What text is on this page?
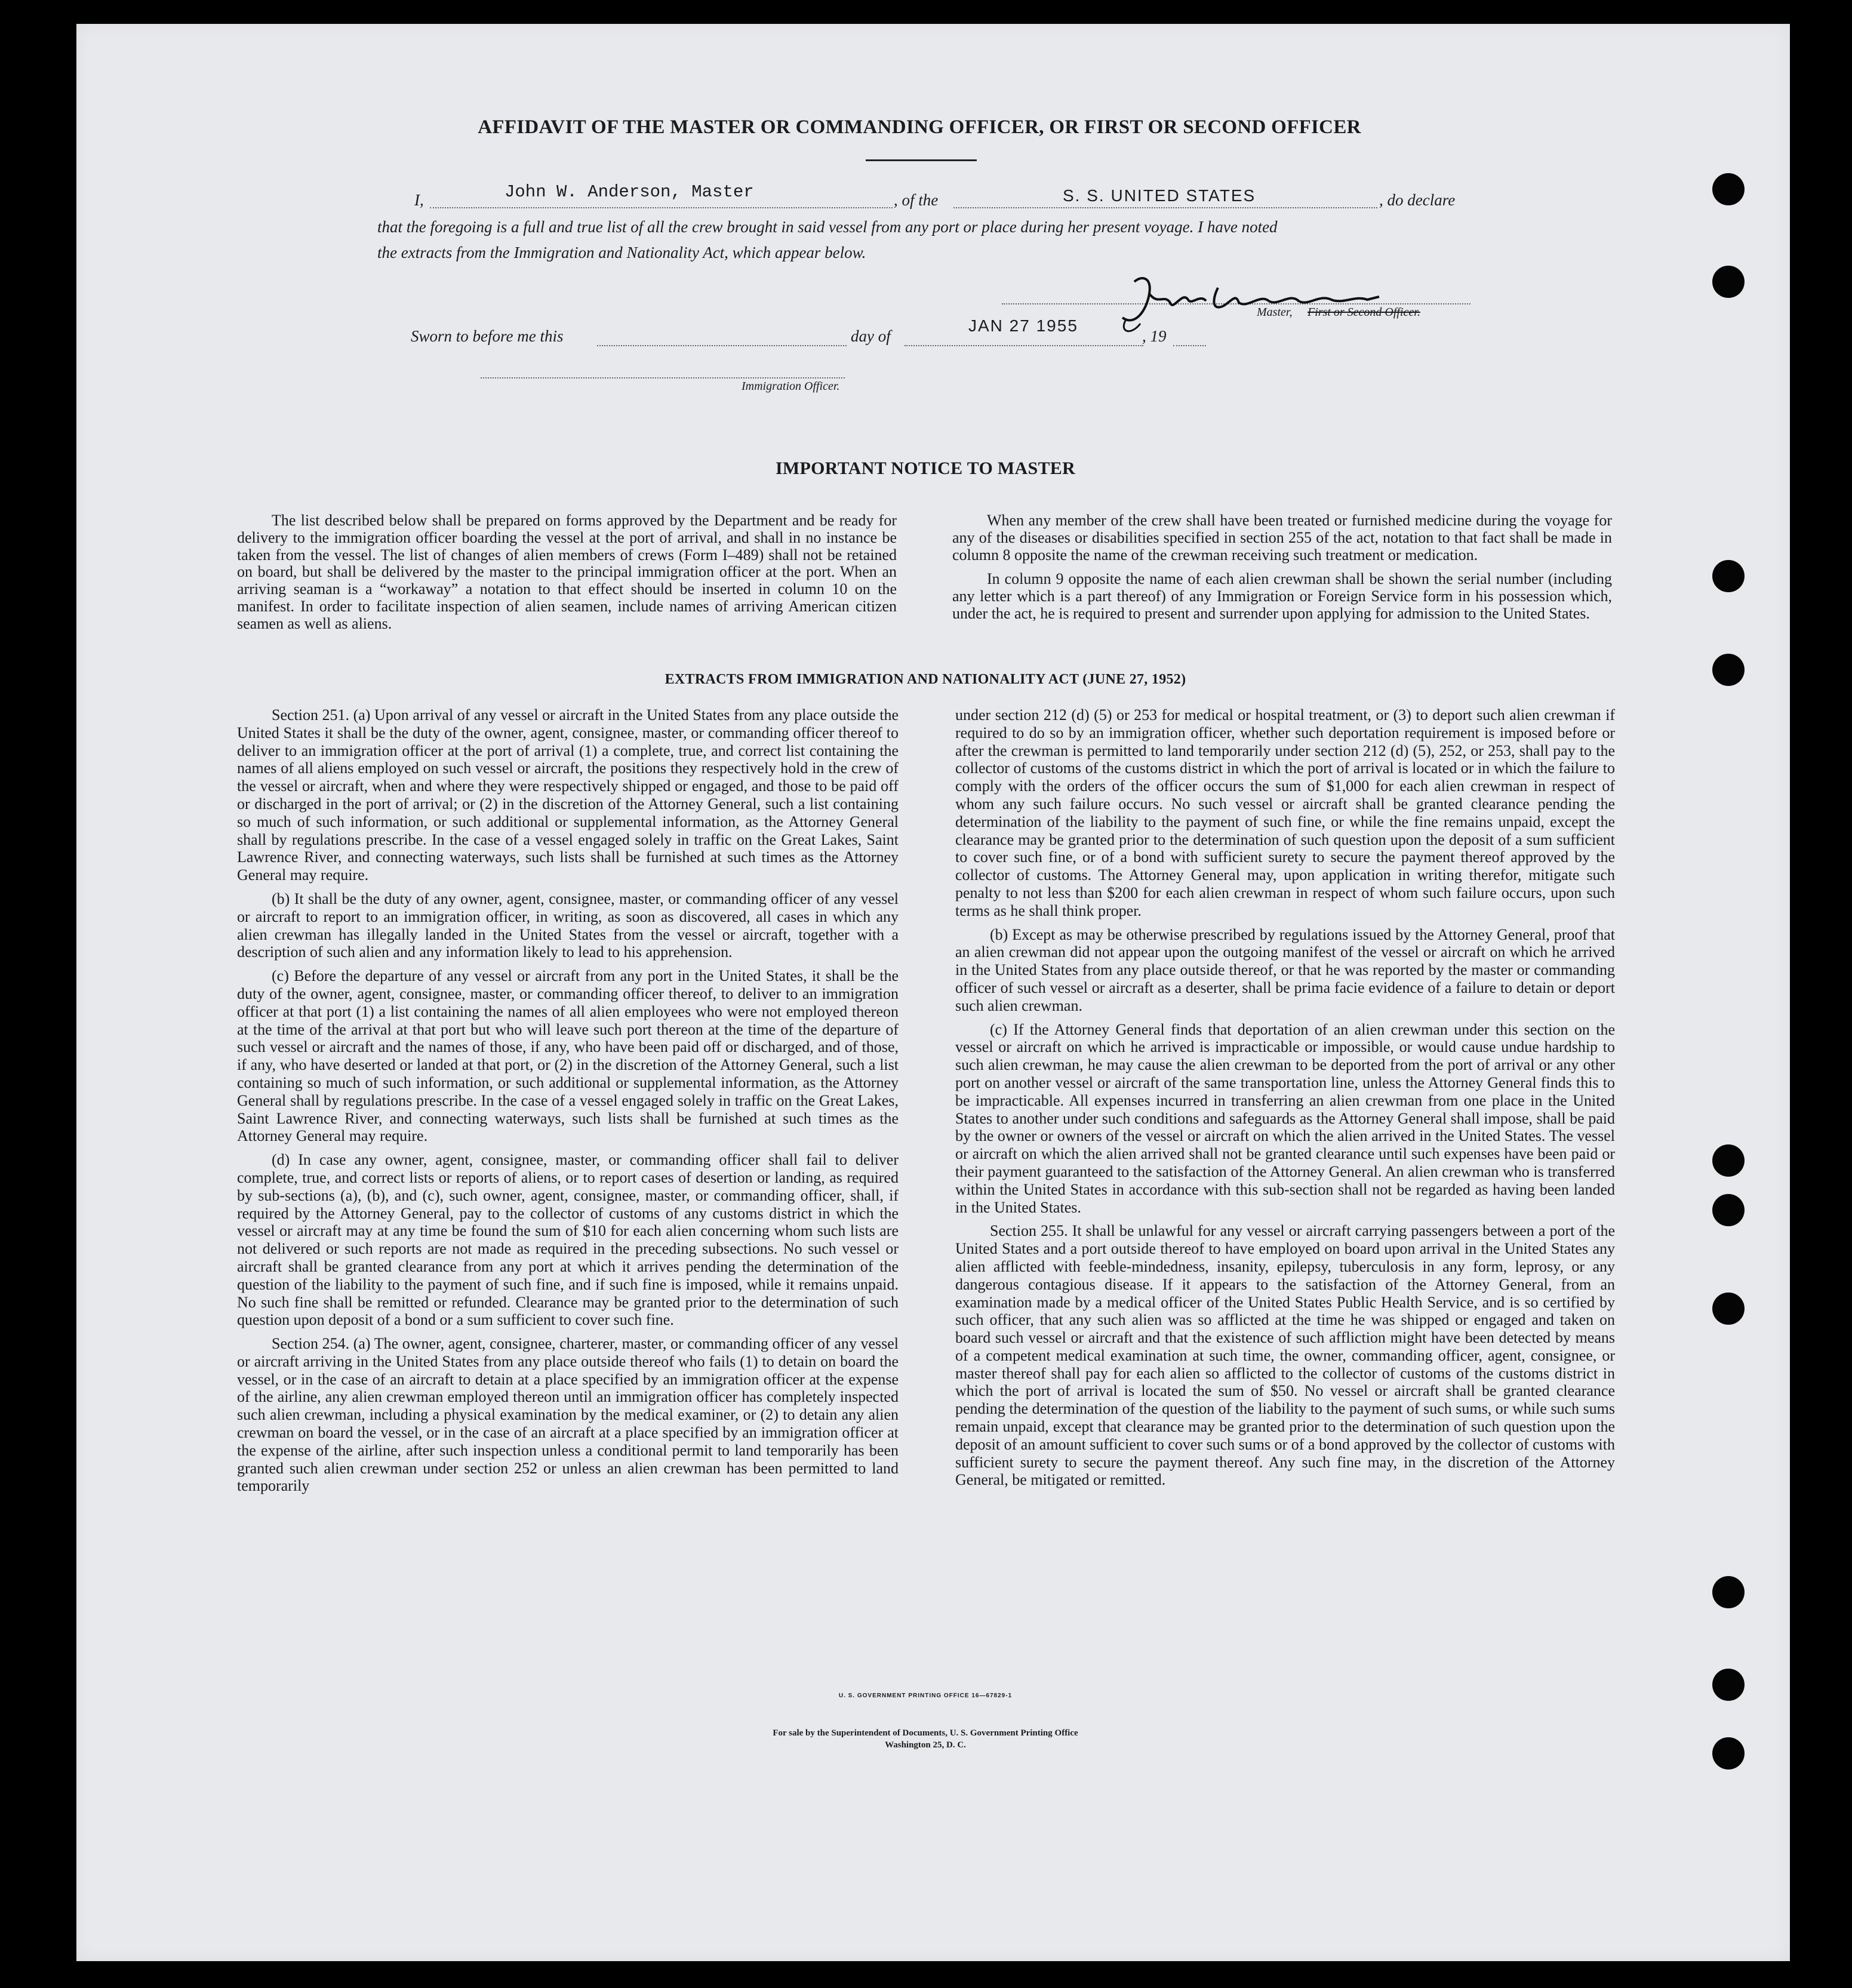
AFFIDAVIT OF THE MASTER OR COMMANDING OFFICER, OR FIRST OR SECOND OFFICER
I,	John W. Anderson, Master	, of the	S. S. UNITED STATES	, do declare
that the foregoing is a full and true list of all the crew brought in said vessel from any port or place during her present voyage. I have noted
the extracts from the Immigration and Nationality Act, which appear below.
Master, First or Second Officer.
Sworn to before me this	day of
JAN 27 1955
, 19
Immigration Officer.
IMPORTANT NOTICE TO MASTER

The list described below shall be prepared on forms approved by the Department and be ready for delivery to the immigration officer boarding the vessel at the port of arrival, and shall in no instance be taken from the vessel. The list of changes of alien members of crews (Form I–489) shall not be retained on board, but shall be delivered by the master to the principal immigration officer at the port. When an arriving seaman is a “workaway” a notation to that effect should be inserted in column 10 on the manifest. In order to facilitate inspection of alien seamen, include names of arriving American citizen seamen as well as aliens.

When any member of the crew shall have been treated or furnished medicine during the voyage for any of the diseases or disabilities specified in section 255 of the act, notation to that fact shall be made in column 8 opposite the name of the crewman receiving such treatment or medication.

In column 9 opposite the name of each alien crewman shall be shown the serial number (including any letter which is a part thereof) of any Immigration or Foreign Service form in his possession which, under the act, he is required to present and surrender upon applying for admission to the United States.

EXTRACTS FROM IMMIGRATION AND NATIONALITY ACT (JUNE 27, 1952)

Section 251. (a) Upon arrival of any vessel or aircraft in the United States from any place outside the United States it shall be the duty of the owner, agent, consignee, master, or commanding officer thereof to deliver to an immigration officer at the port of arrival (1) a complete, true, and correct list containing the names of all aliens employed on such vessel or aircraft, the positions they respectively hold in the crew of the vessel or aircraft, when and where they were respectively shipped or engaged, and those to be paid off or discharged in the port of arrival; or (2) in the discretion of the Attorney General, such a list containing so much of such information, or such additional or supplemental information, as the Attorney General shall by regulations prescribe. In the case of a vessel engaged solely in traffic on the Great Lakes, Saint Lawrence River, and connecting waterways, such lists shall be furnished at such times as the Attorney General may require.

(b) It shall be the duty of any owner, agent, consignee, master, or commanding officer of any vessel or aircraft to report to an immigration officer, in writing, as soon as discovered, all cases in which any alien crewman has illegally landed in the United States from the vessel or aircraft, together with a description of such alien and any information likely to lead to his apprehension.

(c) Before the departure of any vessel or aircraft from any port in the United States, it shall be the duty of the owner, agent, consignee, master, or commanding officer thereof, to deliver to an immigration officer at that port (1) a list containing the names of all alien employees who were not employed thereon at the time of the arrival at that port but who will leave such port thereon at the time of the departure of such vessel or aircraft and the names of those, if any, who have been paid off or discharged, and of those, if any, who have deserted or landed at that port, or (2) in the discretion of the Attorney General, such a list containing so much of such information, or such additional or supplemental information, as the Attorney General shall by regulations prescribe. In the case of a vessel engaged solely in traffic on the Great Lakes, Saint Lawrence River, and connecting waterways, such lists shall be furnished at such times as the Attorney General may require.

(d) In case any owner, agent, consignee, master, or commanding officer shall fail to deliver complete, true, and correct lists or reports of aliens, or to report cases of desertion or landing, as required by sub-sections (a), (b), and (c), such owner, agent, consignee, master, or commanding officer, shall, if required by the Attorney General, pay to the collector of customs of any customs district in which the vessel or aircraft may at any time be found the sum of $10 for each alien concerning whom such lists are not delivered or such reports are not made as required in the preceding subsections. No such vessel or aircraft shall be granted clearance from any port at which it arrives pending the determination of the question of the liability to the payment of such fine, and if such fine is imposed, while it remains unpaid. No such fine shall be remitted or refunded. Clearance may be granted prior to the determination of such question upon deposit of a bond or a sum sufficient to cover such fine.

Section 254. (a) The owner, agent, consignee, charterer, master, or commanding officer of any vessel or aircraft arriving in the United States from any place outside thereof who fails (1) to detain on board the vessel, or in the case of an aircraft to detain at a place specified by an immigration officer at the expense of the airline, any alien crewman employed thereon until an immigration officer has completely inspected such alien crewman, including a physical examination by the medical examiner, or (2) to detain any alien crewman on board the vessel, or in the case of an aircraft at a place specified by an immigration officer at the expense of the airline, after such inspection unless a conditional permit to land temporarily has been granted such alien crewman under section 252 or unless an alien crewman has been permitted to land temporarily

under section 212 (d) (5) or 253 for medical or hospital treatment, or (3) to deport such alien crewman if required to do so by an immigration officer, whether such deportation requirement is imposed before or after the crewman is permitted to land temporarily under section 212 (d) (5), 252, or 253, shall pay to the collector of customs of the customs district in which the port of arrival is located or in which the failure to comply with the orders of the officer occurs the sum of $1,000 for each alien crewman in respect of whom any such failure occurs. No such vessel or aircraft shall be granted clearance pending the determination of the liability to the payment of such fine, or while the fine remains unpaid, except the clearance may be granted prior to the determination of such question upon the deposit of a sum sufficient to cover such fine, or of a bond with sufficient surety to secure the payment thereof approved by the collector of customs. The Attorney General may, upon application in writing therefor, mitigate such penalty to not less than $200 for each alien crewman in respect of whom such failure occurs, upon such terms as he shall think proper.

(b) Except as may be otherwise prescribed by regulations issued by the Attorney General, proof that an alien crewman did not appear upon the outgoing manifest of the vessel or aircraft on which he arrived in the United States from any place outside thereof, or that he was reported by the master or commanding officer of such vessel or aircraft as a deserter, shall be prima facie evidence of a failure to detain or deport such alien crewman.

(c) If the Attorney General finds that deportation of an alien crewman under this section on the vessel or aircraft on which he arrived is impracticable or impossible, or would cause undue hardship to such alien crewman, he may cause the alien crewman to be deported from the port of arrival or any other port on another vessel or aircraft of the same transportation line, unless the Attorney General finds this to be impracticable. All expenses incurred in transferring an alien crewman from one place in the United States to another under such conditions and safeguards as the Attorney General shall impose, shall be paid by the owner or owners of the vessel or aircraft on which the alien arrived in the United States. The vessel or aircraft on which the alien arrived shall not be granted clearance until such expenses have been paid or their payment guaranteed to the satisfaction of the Attorney General. An alien crewman who is transferred within the United States in accordance with this sub-section shall not be regarded as having been landed in the United States.

Section 255. It shall be unlawful for any vessel or aircraft carrying passengers between a port of the United States and a port outside thereof to have employed on board upon arrival in the United States any alien afflicted with feeble-mindedness, insanity, epilepsy, tuberculosis in any form, leprosy, or any dangerous contagious disease. If it appears to the satisfaction of the Attorney General, from an examination made by a medical officer of the United States Public Health Service, and is so certified by such officer, that any such alien was so afflicted at the time he was shipped or engaged and taken on board such vessel or aircraft and that the existence of such affliction might have been detected by means of a competent medical examination at such time, the owner, commanding officer, agent, consignee, or master thereof shall pay for each alien so afflicted to the collector of customs of the customs district in which the port of arrival is located the sum of $50. No vessel or aircraft shall be granted clearance pending the determination of the question of the liability to the payment of such sums, or while such sums remain unpaid, except that clearance may be granted prior to the determination of such question upon the deposit of an amount sufficient to cover such sums or of a bond approved by the collector of customs with sufficient surety to secure the payment thereof. Any such fine may, in the discretion of the Attorney General, be mitigated or remitted.

U. S. GOVERNMENT PRINTING OFFICE 16—67829-1
For sale by the Superintendent of Documents, U. S. Government Printing Office
Washington 25, D. C.
